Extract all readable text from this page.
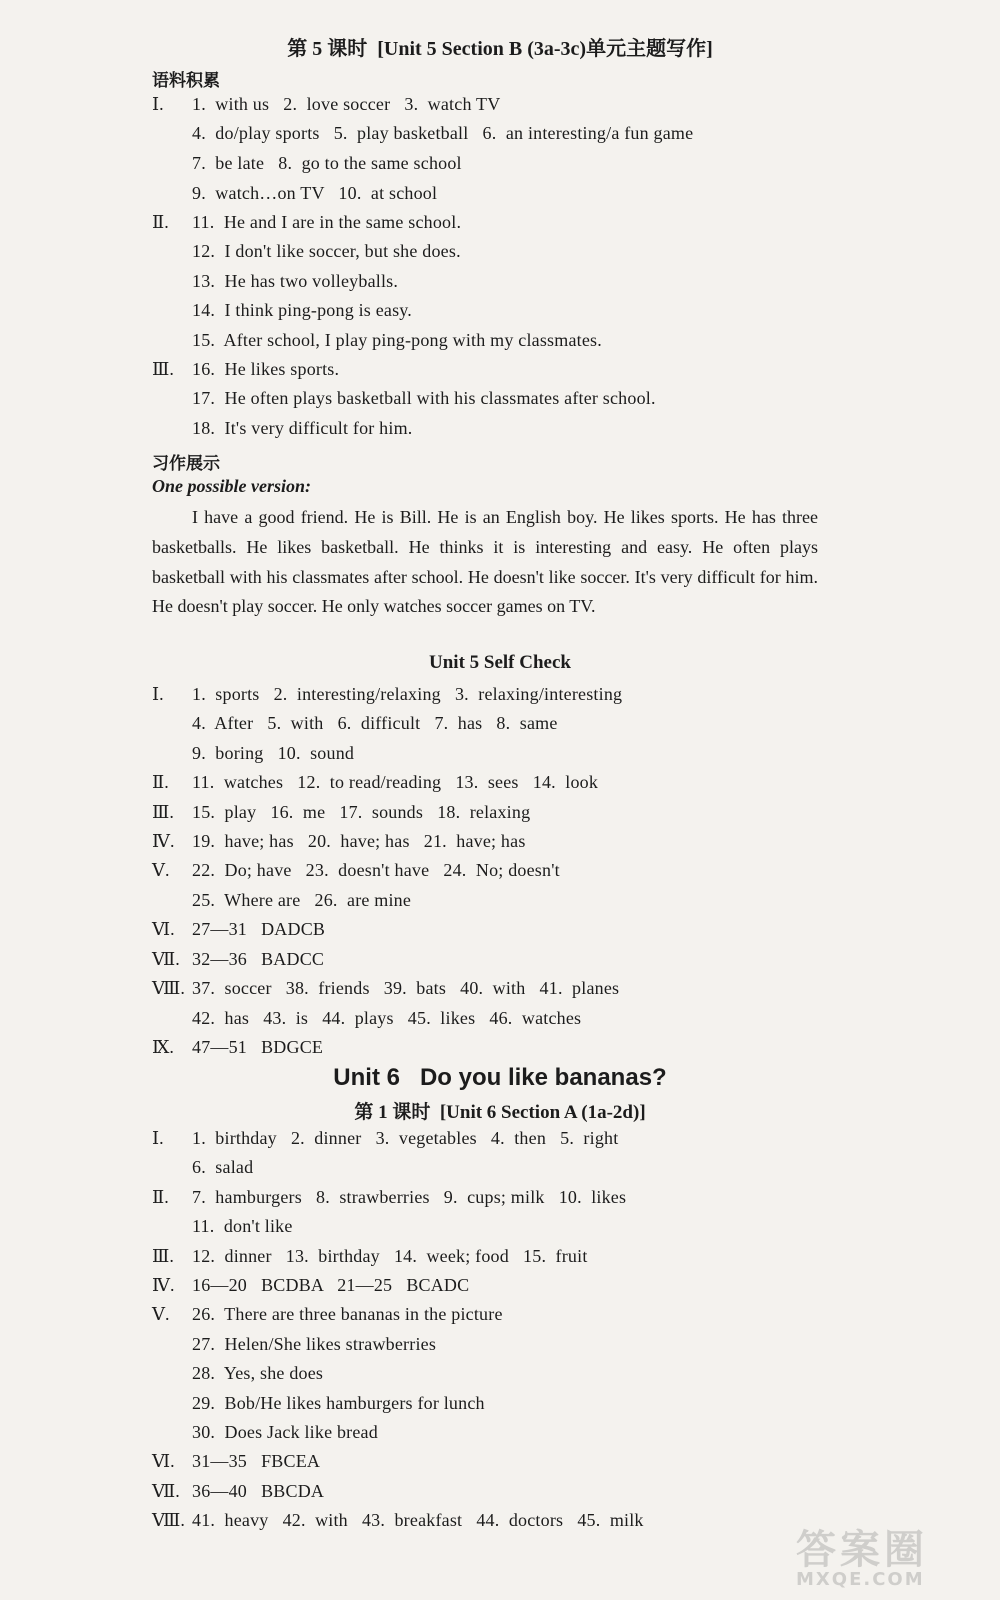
第 5 课时  [Unit 5 Section B (3a-3c)单元主题写作]
语料积累
Ⅰ.	1.  with us   2.  love soccer   3.  watch TV
4.  do/play sports   5.  play basketball   6.  an interesting/a fun game
7.  be late   8.  go to the same school
9.  watch…on TV   10.  at school
Ⅱ.	11.  He and I are in the same school.
12.  I don't like soccer, but she does.
13.  He has two volleyballs.
14.  I think ping-pong is easy.
15.  After school, I play ping-pong with my classmates.
Ⅲ.	16.  He likes sports.
17.  He often plays basketball with his classmates after school.
18.  It's very difficult for him.
习作展示
One possible version:
I have a good friend. He is Bill. He is an English boy. He likes sports. He has three basketballs. He likes basketball. He thinks it is interesting and easy. He often plays basketball with his classmates after school. He doesn't like soccer. It's very difficult for him. He doesn't play soccer. He only watches soccer games on TV.
Unit 5 Self Check
Ⅰ.	1.  sports   2.  interesting/relaxing   3.  relaxing/interesting
4.  After   5.  with   6.  difficult   7.  has   8.  same
9.  boring   10.  sound
Ⅱ.	11.  watches   12.  to read/reading   13.  sees   14.  look
Ⅲ.	15.  play   16.  me   17.  sounds   18.  relaxing
Ⅳ. 19.  have; has   20.  have; has   21.  have; has
Ⅴ.	22.  Do; have   23.  doesn't have   24.  No; doesn't
25.  Where are   26.  are mine
Ⅵ. 27—31   DADCB
Ⅶ. 32—36   BADCC
Ⅷ. 37.  soccer   38.  friends   39.  bats   40.  with   41.  planes
42.  has   43.  is   44.  plays   45.  likes   46.  watches
Ⅸ.	47—51   BDGCE
Unit 6   Do you like bananas?
第 1 课时  [Unit 6 Section A (1a-2d)]
Ⅰ.	1.  birthday   2.  dinner   3.  vegetables   4.  then   5.  right
6.  salad
Ⅱ.	7.  hamburgers   8.  strawberries   9.  cups; milk   10.  likes
11.  don't like
Ⅲ.	12.  dinner   13.  birthday   14.  week; food   15.  fruit
Ⅳ. 16—20   BCDBA   21—25   BCADC
Ⅴ.	26.  There are three bananas in the picture
27.  Helen/She likes strawberries
28.  Yes, she does
29.  Bob/He likes hamburgers for lunch
30.  Does Jack like bread
Ⅵ. 31—35   FBCEA
Ⅶ. 36—40   BBCDA
Ⅷ. 41.  heavy   42.  with   43.  breakfast   44.  doctors   45.  milk
答案圈
MXQE.COM
